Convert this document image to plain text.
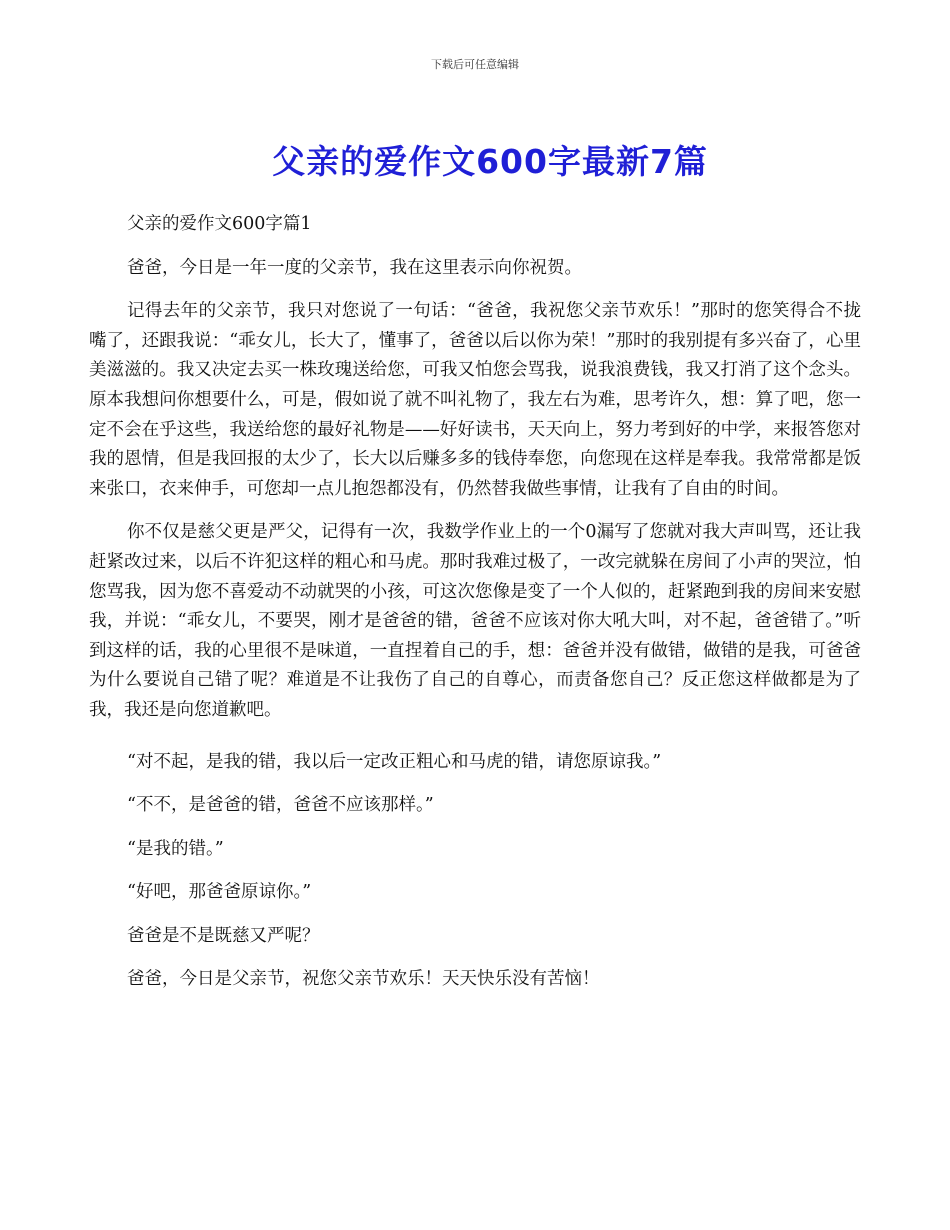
下载后可任意编辑
父亲的爱作文600字最新7篇

父亲的爱作文600字篇1

爸爸，今日是一年一度的父亲节，我在这里表示向你祝贺。

记得去年的父亲节，我只对您说了一句话：“爸爸，我祝您父亲节欢乐！”那时的您笑得合不拢嘴了，还跟我说：“乖女儿，长大了，懂事了，爸爸以后以你为荣！”那时的我别提有多兴奋了，心里美滋滋的。我又决定去买一株玫瑰送给您，可我又怕您会骂我，说我浪费钱，我又打消了这个念头。原本我想问你想要什么，可是，假如说了就不叫礼物了，我左右为难，思考许久，想：算了吧，您一定不会在乎这些，我送给您的最好礼物是——好好读书，天天向上，努力考到好的中学，来报答您对我的恩情，但是我回报的太少了，长大以后赚多多的钱侍奉您，向您现在这样是奉我。我常常都是饭来张口，衣来伸手，可您却一点儿抱怨都没有，仍然替我做些事情，让我有了自由的时间。

你不仅是慈父更是严父，记得有一次，我数学作业上的一个0漏写了您就对我大声叫骂，还让我赶紧改过来，以后不许犯这样的粗心和马虎。那时我难过极了，一改完就躲在房间了小声的哭泣，怕您骂我，因为您不喜爱动不动就哭的小孩，可这次您像是变了一个人似的，赶紧跑到我的房间来安慰我，并说：“乖女儿，不要哭，刚才是爸爸的错，爸爸不应该对你大吼大叫，对不起，爸爸错了。”听到这样的话，我的心里很不是味道，一直捏着自己的手，想：爸爸并没有做错，做错的是我，可爸爸为什么要说自己错了呢？难道是不让我伤了自己的自尊心，而责备您自己？反正您这样做都是为了我，我还是向您道歉吧。

“对不起，是我的错，我以后一定改正粗心和马虎的错，请您原谅我。”

“不不，是爸爸的错，爸爸不应该那样。”

“是我的错。”

“好吧，那爸爸原谅你。”

爸爸是不是既慈又严呢？

爸爸，今日是父亲节，祝您父亲节欢乐！天天快乐没有苦恼！
